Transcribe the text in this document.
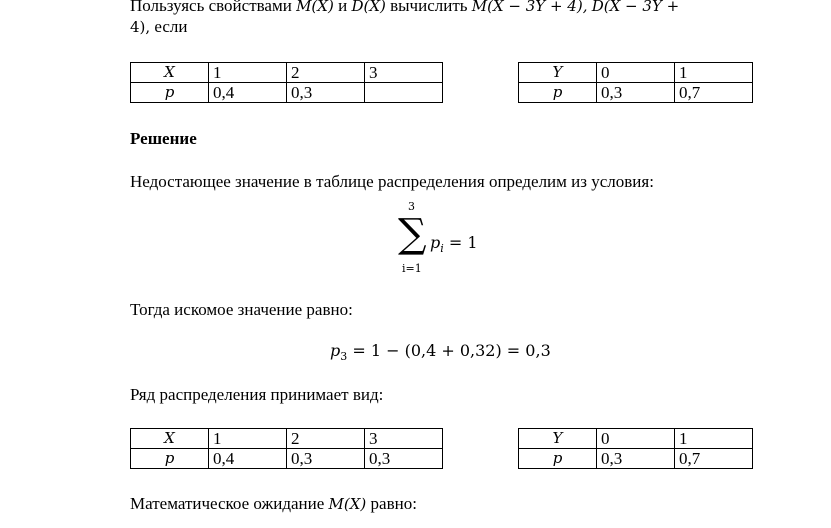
Пользуясь свойствами M(X) и D(X) вычислить M(X − 3Y + 4), D(X − 3Y +
4), если
X	1	2	3
p	0,4	0,3	
Y	0	1
p	0,3	0,7
Решение
Недостающее значение в таблице распределения определим из условия:
3
∑
i=1
$p_i = 1$
Тогда искомое значение равно:
$p_3 = 1 - (0,4 + 0,32) = 0,3$
Ряд распределения принимает вид:
X	1	2	3
p	0,4	0,3	0,3
Y	0	1
p	0,3	0,7
Математическое ожидание M(X) равно:
